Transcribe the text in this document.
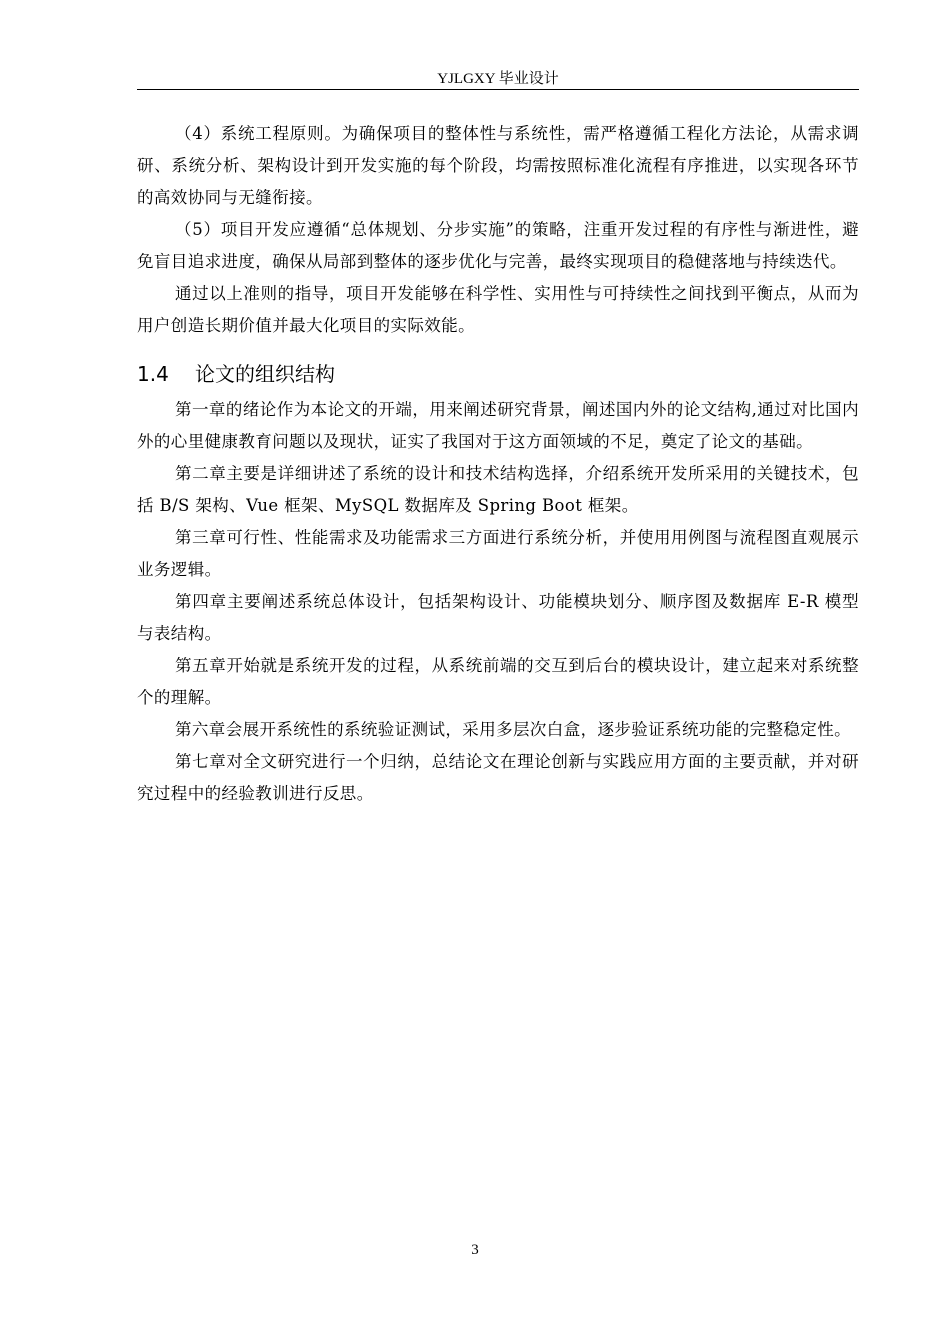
YJLGXY 毕业设计

（4）系统工程原则。为确保项目的整体性与系统性，需严格遵循工程化方法论，从需求调研、系统分析、架构设计到开发实施的每个阶段，均需按照标准化流程有序推进，以实现各环节的高效协同与无缝衔接。

（5）项目开发应遵循“总体规划、分步实施”的策略，注重开发过程的有序性与渐进性，避免盲目追求进度，确保从局部到整体的逐步优化与完善，最终实现项目的稳健落地与持续迭代。

通过以上准则的指导，项目开发能够在科学性、实用性与可持续性之间找到平衡点，从而为用户创造长期价值并最大化项目的实际效能。

1.4 论文的组织结构

第一章的绪论作为本论文的开端，用来阐述研究背景，阐述国内外的论文结构,通过对比国内外的心里健康教育问题以及现状，证实了我国对于这方面领域的不足，奠定了论文的基础。

第二章主要是详细讲述了系统的设计和技术结构选择，介绍系统开发所采用的关键技术，包括 B/S 架构、Vue 框架、MySQL 数据库及 Spring Boot 框架。

第三章可行性、性能需求及功能需求三方面进行系统分析，并使用用例图与流程图直观展示业务逻辑。

第四章主要阐述系统总体设计，包括架构设计、功能模块划分、顺序图及数据库 E-R 模型与表结构。

第五章开始就是系统开发的过程，从系统前端的交互到后台的模块设计，建立起来对系统整个的理解。

第六章会展开系统性的系统验证测试，采用多层次白盒，逐步验证系统功能的完整稳定性。

第七章对全文研究进行一个归纳，总结论文在理论创新与实践应用方面的主要贡献，并对研究过程中的经验教训进行反思。

3
